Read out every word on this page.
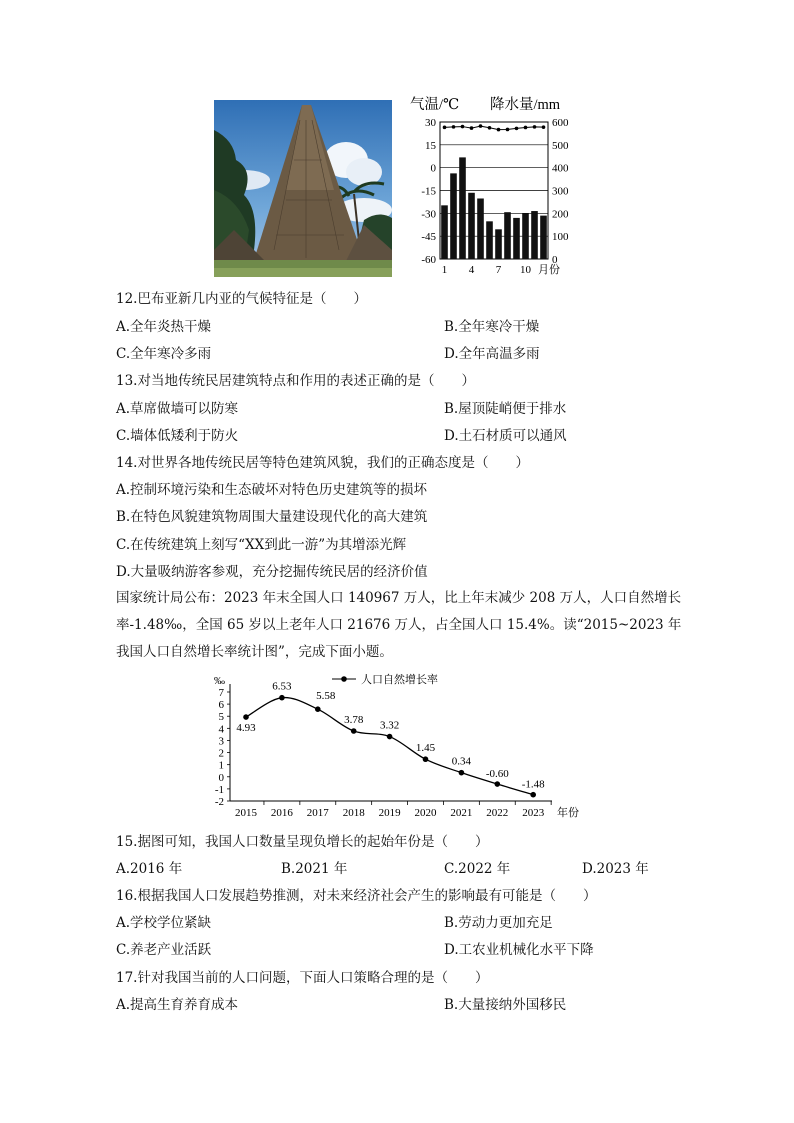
气温/℃ 降水量/mm
30
15
0
-15
-30
-45
-60
600
500
400
300
200
100
0
1 4 7 10 月份
12.巴布亚新几内亚的气候特征是（　　）
A.全年炎热干燥	B.全年寒冷干燥
C.全年寒冷多雨	D.全年高温多雨
13.对当地传统民居建筑特点和作用的表述正确的是（　　）
A.草席做墙可以防寒	B.屋顶陡峭便于排水
C.墙体低矮利于防火	D.土石材质可以通风
14.对世界各地传统民居等特色建筑风貌，我们的正确态度是（　　）
A.控制环境污染和生态破坏对特色历史建筑等的损坏
B.在特色风貌建筑物周围大量建设现代化的高大建筑
C.在传统建筑上刻写“XX到此一游”为其增添光辉
D.大量吸纳游客参观，充分挖掘传统民居的经济价值
国家统计局公布：2023 年末全国人口 140967 万人，比上年末减少 208 万人，人口自然增长率-1.48‰，全国 65 岁以上老年人口 21676 万人，占全国人口 15.4%。读“2015~2023 年我国人口自然增长率统计图”，完成下面小题。
‰	人口自然增长率
7
6
5
4
3
2
1
0
-1
-2
2015 2016 2017 2018 2019 2020 2021 2022 2023
4.93
6.53
5.58
3.78 3.32
1.45
0.34
-0.60
-1.48
年份
15.据图可知，我国人口数量呈现负增长的起始年份是（　　）
A.2016 年	B.2021 年	C.2022 年	D.2023 年
16.根据我国人口发展趋势推测，对未来经济社会产生的影响最有可能是（　　）
A.学校学位紧缺	B.劳动力更加充足
C.养老产业活跃	D.工农业机械化水平下降
17.针对我国当前的人口问题，下面人口策略合理的是（　　）
A.提高生育养育成本	B.大量接纳外国移民
